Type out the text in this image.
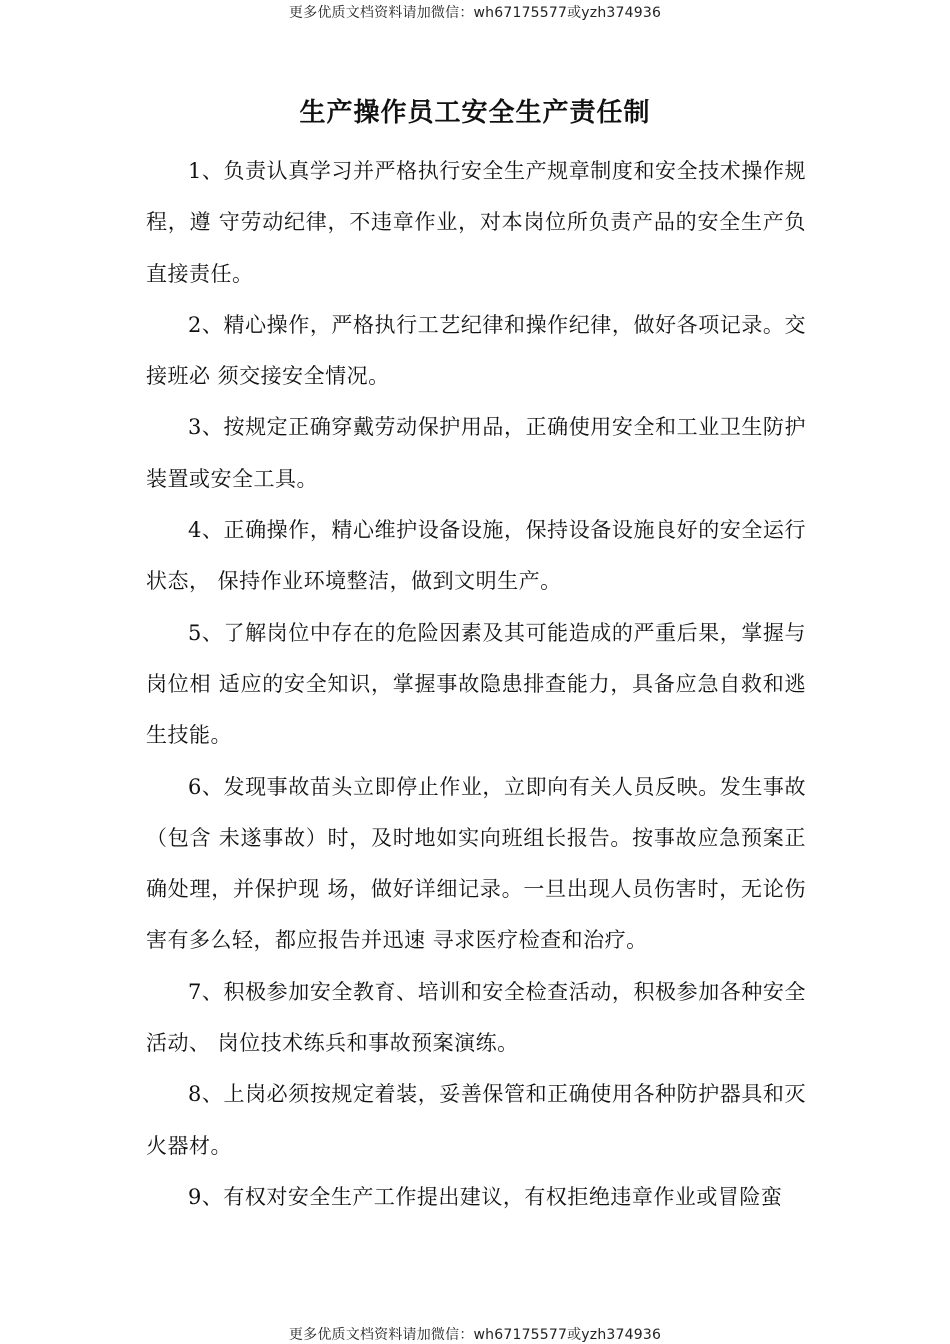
更多优质文档资料请加微信：wh67175577或yzh374936
生产操作员工安全生产责任制

1、负责认真学习并严格执行安全生产规章制度和安全技术操作规程，遵 守劳动纪律，不违章作业，对本岗位所负责产品的安全生产负直接责任。

2、精心操作，严格执行工艺纪律和操作纪律，做好各项记录。交接班必 须交接安全情况。

3、按规定正确穿戴劳动保护用品，正确使用安全和工业卫生防护装置或安全工具。

4、正确操作，精心维护设备设施，保持设备设施良好的安全运行状态， 保持作业环境整洁，做到文明生产。

5、了解岗位中存在的危险因素及其可能造成的严重后果，掌握与岗位相 适应的安全知识，掌握事故隐患排查能力，具备应急自救和逃生技能。

6、发现事故苗头立即停止作业，立即向有关人员反映。发生事故（包含 未遂事故）时，及时地如实向班组长报告。按事故应急预案正确处理，并保护现 场，做好详细记录。一旦出现人员伤害时，无论伤害有多么轻，都应报告并迅速 寻求医疗检查和治疗。

7、积极参加安全教育、培训和安全检查活动，积极参加各种安全活动、 岗位技术练兵和事故预案演练。

8、上岗必须按规定着装，妥善保管和正确使用各种防护器具和灭火器材。

9、有权对安全生产工作提出建议，有权拒绝违章作业或冒险蛮

更多优质文档资料请加微信：wh67175577或yzh374936
